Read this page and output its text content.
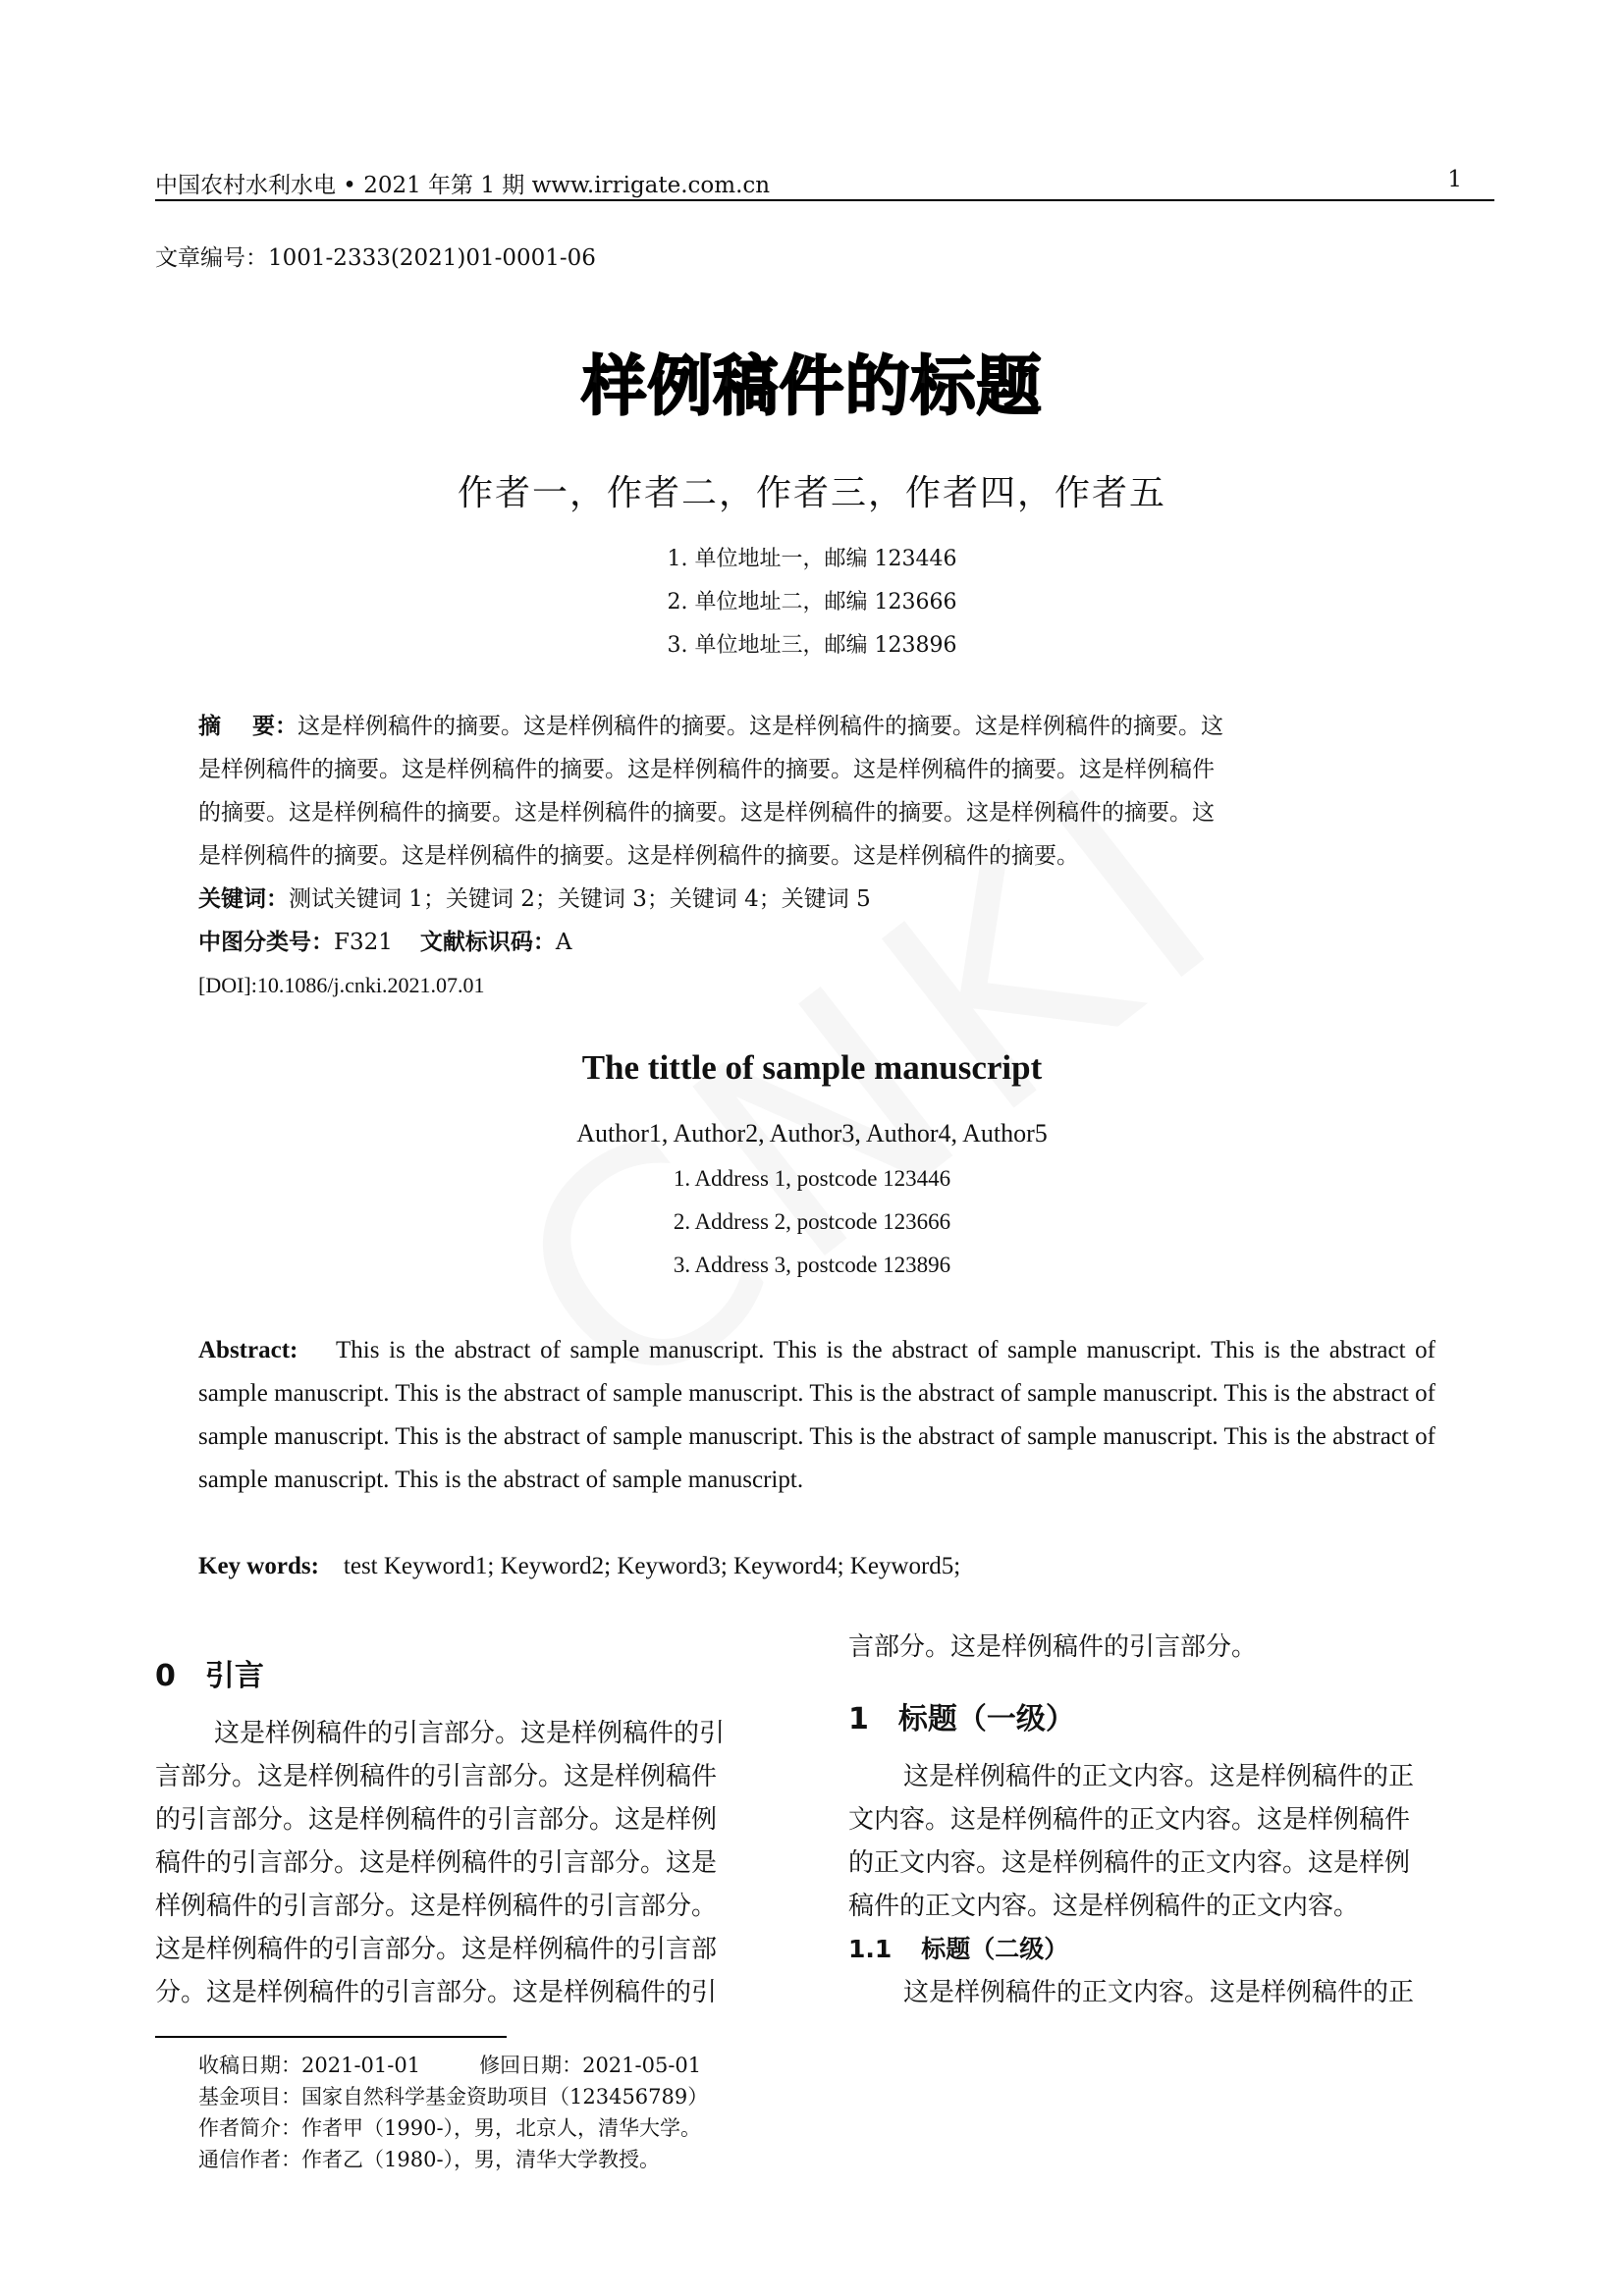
中国农村水利水电 • 2021 年第 1 期 www.irrigate.com.cn	1
文章编号：1001-2333(2021)01-0001-06
样例稿件的标题
作者一，作者二，作者三，作者四，作者五
1. 单位地址一，邮编 123446
2. 单位地址二，邮编 123666
3. 单位地址三，邮编 123896
摘    要：这是样例稿件的摘要。这是样例稿件的摘要。这是样例稿件的摘要。这是样例稿件的摘要。这
是样例稿件的摘要。这是样例稿件的摘要。这是样例稿件的摘要。这是样例稿件的摘要。这是样例稿件
的摘要。这是样例稿件的摘要。这是样例稿件的摘要。这是样例稿件的摘要。这是样例稿件的摘要。这
是样例稿件的摘要。这是样例稿件的摘要。这是样例稿件的摘要。这是样例稿件的摘要。
关键词：测试关键词 1；关键词 2；关键词 3；关键词 4；关键词 5
中图分类号：F321 文献标识码：A
[DOI]:10.1086/j.cnki.2021.07.01
The tittle of sample manuscript
Author1, Author2, Author3, Author4, Author5
1. Address 1, postcode 123446
2. Address 2, postcode 123666
3. Address 3, postcode 123896
Abstract: This is the abstract of sample manuscript. This is the abstract of sample manuscript. This is the abstract of sample manuscript. This is the abstract of sample manuscript. This is the abstract of sample manuscript. This is the abstract of sample manuscript. This is the abstract of sample manuscript. This is the abstract of sample manuscript. This is the abstract of sample manuscript. This is the abstract of sample manuscript.
Key words: test Keyword1; Keyword2; Keyword3; Keyword4; Keyword5;
0 引言
这是样例稿件的引言部分。这是样例稿件的引
言部分。这是样例稿件的引言部分。这是样例稿件
的引言部分。这是样例稿件的引言部分。这是样例
稿件的引言部分。这是样例稿件的引言部分。这是
样例稿件的引言部分。这是样例稿件的引言部分。
这是样例稿件的引言部分。这是样例稿件的引言部
分。这是样例稿件的引言部分。这是样例稿件的引
言部分。这是样例稿件的引言部分。
1 标题（一级）
这是样例稿件的正文内容。这是样例稿件的正
文内容。这是样例稿件的正文内容。这是样例稿件
的正文内容。这是样例稿件的正文内容。这是样例
稿件的正文内容。这是样例稿件的正文内容。
1.1 标题（二级）
这是样例稿件的正文内容。这是样例稿件的正
收稿日期：2021-01-01	修回日期：2021-05-01
基金项目：国家自然科学基金资助项目（123456789）
作者简介：作者甲（1990-），男，北京人，清华大学。
通信作者：作者乙（1980-），男，清华大学教授。
